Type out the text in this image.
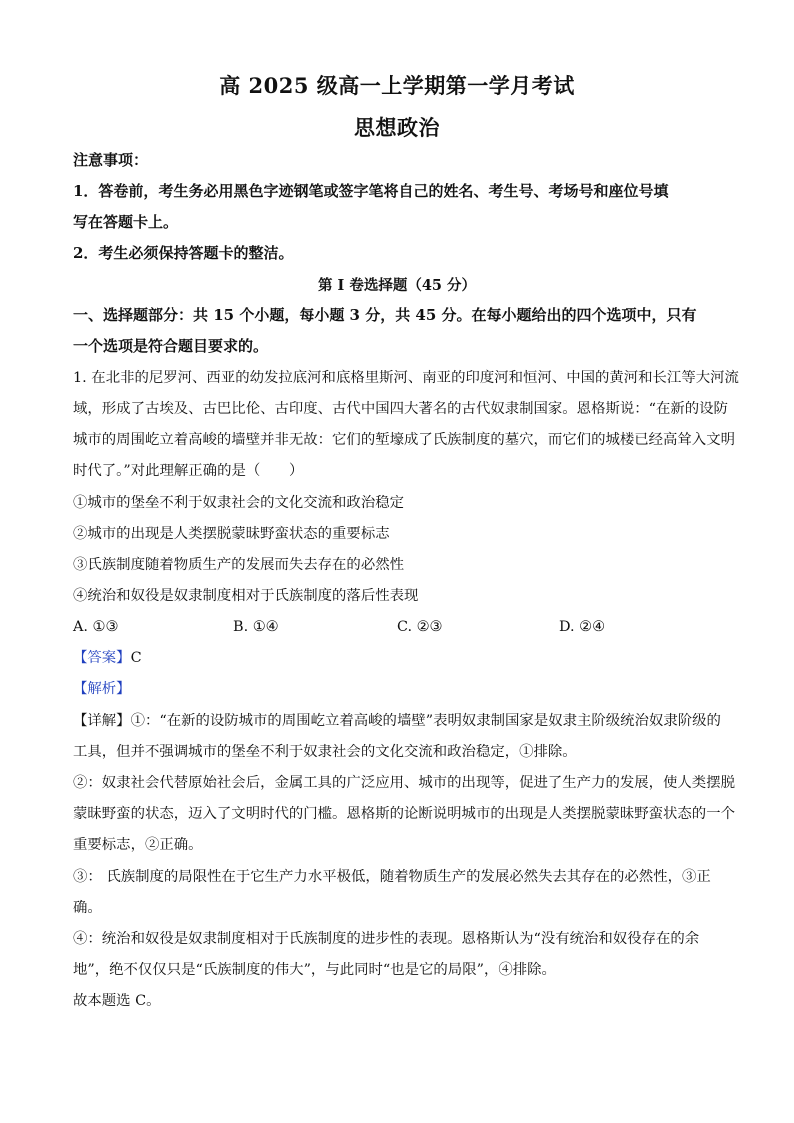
高 2025 级高一上学期第一学月考试
思想政治
注意事项：
1．答卷前，考生务必用黑色字迹钢笔或签字笔将自己的姓名、考生号、考场号和座位号填
写在答题卡上。
2．考生必须保持答题卡的整洁。
第 I 卷选择题（45 分）
一、选择题部分：共 15 个小题，每小题 3 分，共 45 分。在每小题给出的四个选项中，只有
一个选项是符合题目要求的。
1. 在北非的尼罗河、西亚的幼发拉底河和底格里斯河、南亚的印度河和恒河、中国的黄河和长江等大河流
域，形成了古埃及、古巴比伦、古印度、古代中国四大著名的古代奴隶制国家。恩格斯说：“在新的设防
城市的周围屹立着高峻的墙壁并非无故：它们的堑壕成了氏族制度的墓穴，而它们的城楼已经高耸入文明
时代了。”对此理解正确的是（　　）
①城市的堡垒不利于奴隶社会的文化交流和政治稳定
②城市的出现是人类摆脱蒙昧野蛮状态的重要标志
③氏族制度随着物质生产的发展而失去存在的必然性
④统治和奴役是奴隶制度相对于氏族制度的落后性表现
A. ①③	B. ①④	C. ②③	D. ②④
【答案】C
【解析】
【详解】①：“在新的设防城市的周围屹立着高峻的墙壁”表明奴隶制国家是奴隶主阶级统治奴隶阶级的
工具，但并不强调城市的堡垒不利于奴隶社会的文化交流和政治稳定，①排除。
②：奴隶社会代替原始社会后，金属工具的广泛应用、城市的出现等，促进了生产力的发展，使人类摆脱
蒙昧野蛮的状态，迈入了文明时代的门槛。恩格斯的论断说明城市的出现是人类摆脱蒙昧野蛮状态的一个
重要标志，②正确。
③： 氏族制度的局限性在于它生产力水平极低，随着物质生产的发展必然失去其存在的必然性，③正
确。
④：统治和奴役是奴隶制度相对于氏族制度的进步性的表现。恩格斯认为“没有统治和奴役存在的余
地”，绝不仅仅只是“氏族制度的伟大”，与此同时“也是它的局限”，④排除。
故本题选 C。
